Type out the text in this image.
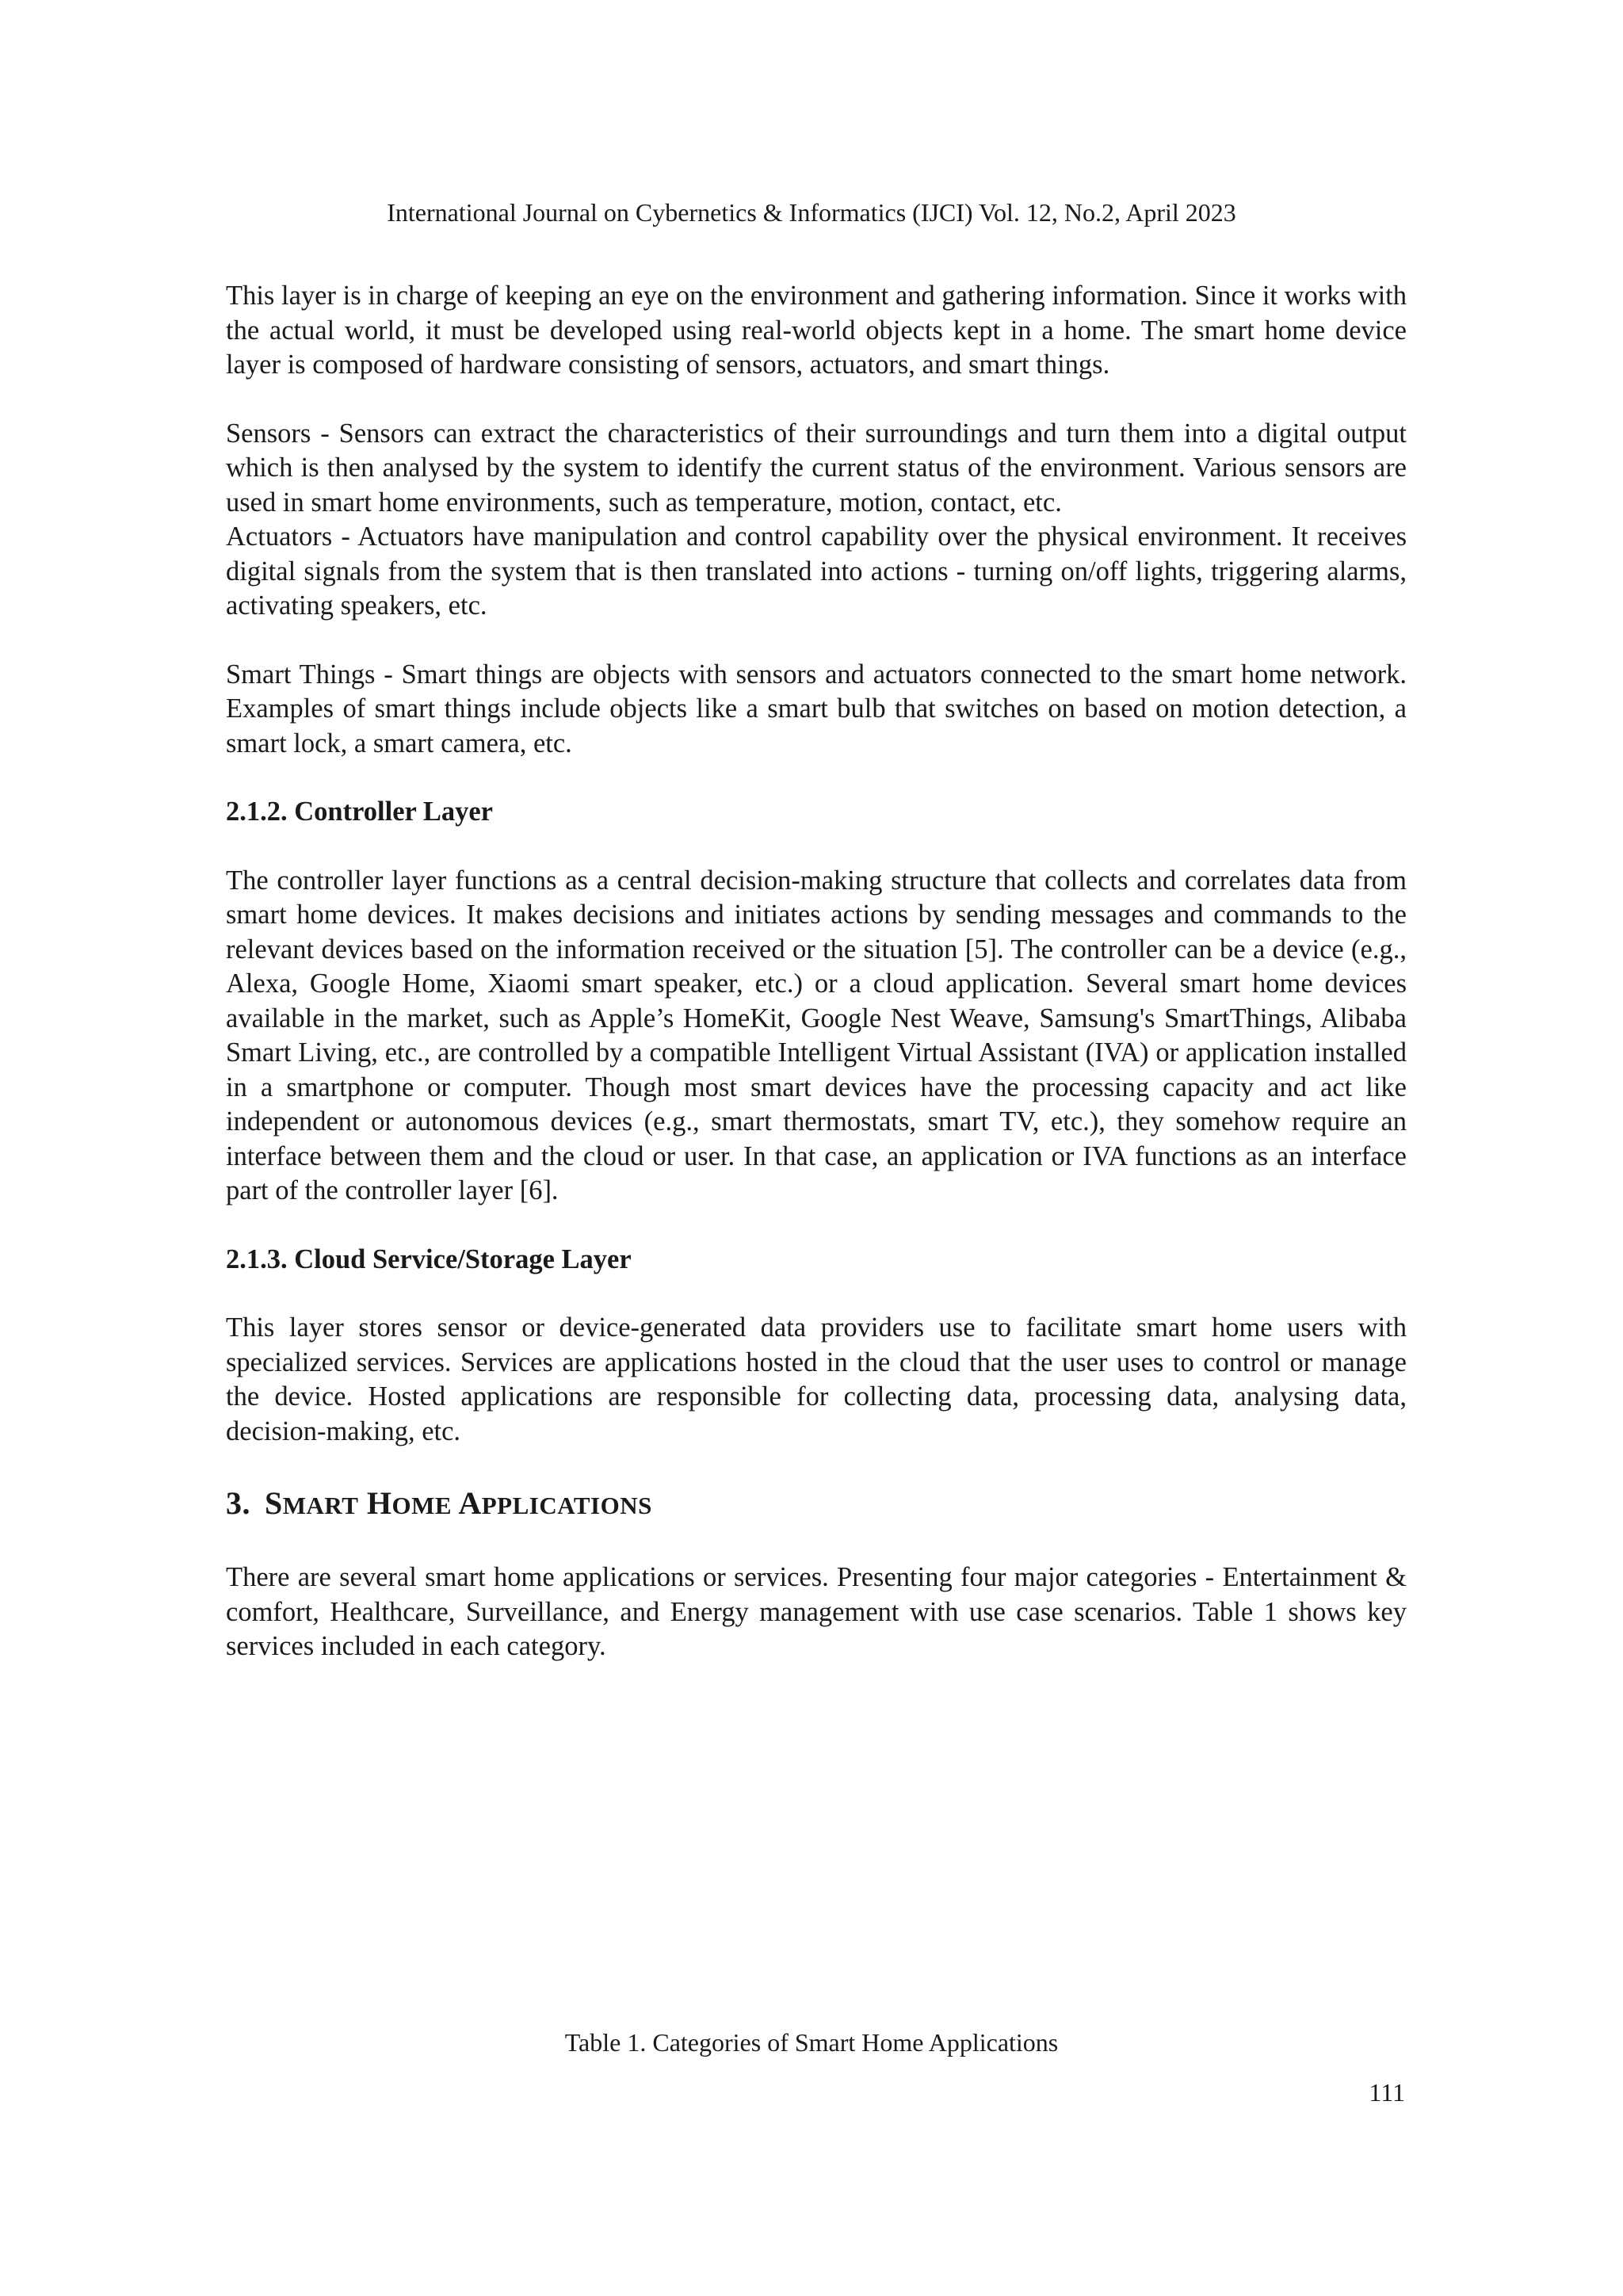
International Journal on Cybernetics & Informatics (IJCI) Vol. 12, No.2, April 2023

This layer is in charge of keeping an eye on the environment and gathering information. Since it works with the actual world, it must be developed using real-world objects kept in a home. The smart home device layer is composed of hardware consisting of sensors, actuators, and smart things.

Sensors - Sensors can extract the characteristics of their surroundings and turn them into a digital output which is then analysed by the system to identify the current status of the environment. Various sensors are used in smart home environments, such as temperature, motion, contact, etc.

Actuators - Actuators have manipulation and control capability over the physical environment. It receives digital signals from the system that is then translated into actions - turning on/off lights, triggering alarms, activating speakers, etc.

Smart Things - Smart things are objects with sensors and actuators connected to the smart home network. Examples of smart things include objects like a smart bulb that switches on based on motion detection, a smart lock, a smart camera, etc.

2.1.2. Controller Layer

The controller layer functions as a central decision-making structure that collects and correlates data from smart home devices. It makes decisions and initiates actions by sending messages and commands to the relevant devices based on the information received or the situation [5]. The controller can be a device (e.g., Alexa, Google Home, Xiaomi smart speaker, etc.) or a cloud application. Several smart home devices available in the market, such as Apple’s HomeKit, Google Nest Weave, Samsung's SmartThings, Alibaba Smart Living, etc., are controlled by a compatible Intelligent Virtual Assistant (IVA) or application installed in a smartphone or computer. Though most smart devices have the processing capacity and act like independent or autonomous devices (e.g., smart thermostats, smart TV, etc.), they somehow require an interface between them and the cloud or user. In that case, an application or IVA functions as an interface part of the controller layer [6].

2.1.3. Cloud Service/Storage Layer

This layer stores sensor or device-generated data providers use to facilitate smart home users with specialized services. Services are applications hosted in the cloud that the user uses to control or manage the device. Hosted applications are responsible for collecting data, processing data, analysing data, decision-making, etc.

3. SMART HOME APPLICATIONS

There are several smart home applications or services. Presenting four major categories - Entertainment & comfort, Healthcare, Surveillance, and Energy management with use case scenarios. Table 1 shows key services included in each category.

Table 1. Categories of Smart Home Applications
111
